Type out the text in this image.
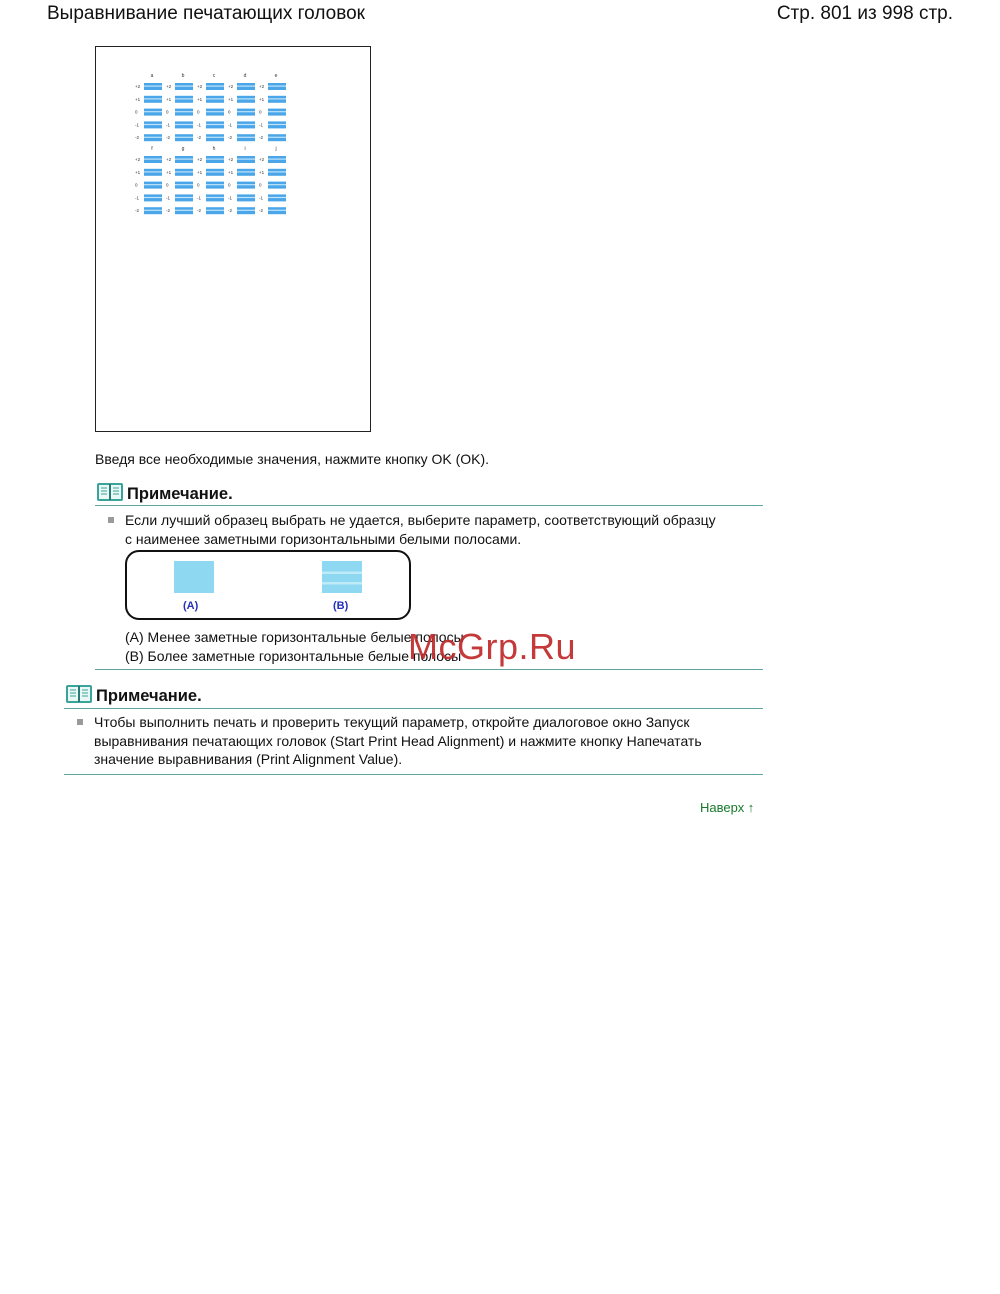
Выравнивание печатающих головок	Стр. 801 из 998 стр.
a
+2
+1
0
-1
-2
b
+2
+1
0
-1
-2
c
+2
+1
0
-1
-2
d
+2
+1
0
-1
-2
e
+2
+1
0
-1
-2
f
+2
+1
0
-1
-2
g
+2
+1
0
-1
-2
h
+2
+1
0
-1
-2
i
+2
+1
0
-1
-2
j
+2
+1
0
-1
-2
Введя все необходимые значения, нажмите кнопку OK (OK).
Примечание.
Если лучший образец выбрать не удается, выберите параметр, соответствующий образцу
с наименее заметными горизонтальными белыми полосами.
(A)	(B)
(A) Менее заметные горизонтальные белые полосы
(B) Более заметные горизонтальные белые полосы
McGrp.Ru
Примечание.
Чтобы выполнить печать и проверить текущий параметр, откройте диалоговое окно Запуск
выравнивания печатающих головок (Start Print Head Alignment) и нажмите кнопку Напечатать
значение выравнивания (Print Alignment Value).
Наверх ↑
